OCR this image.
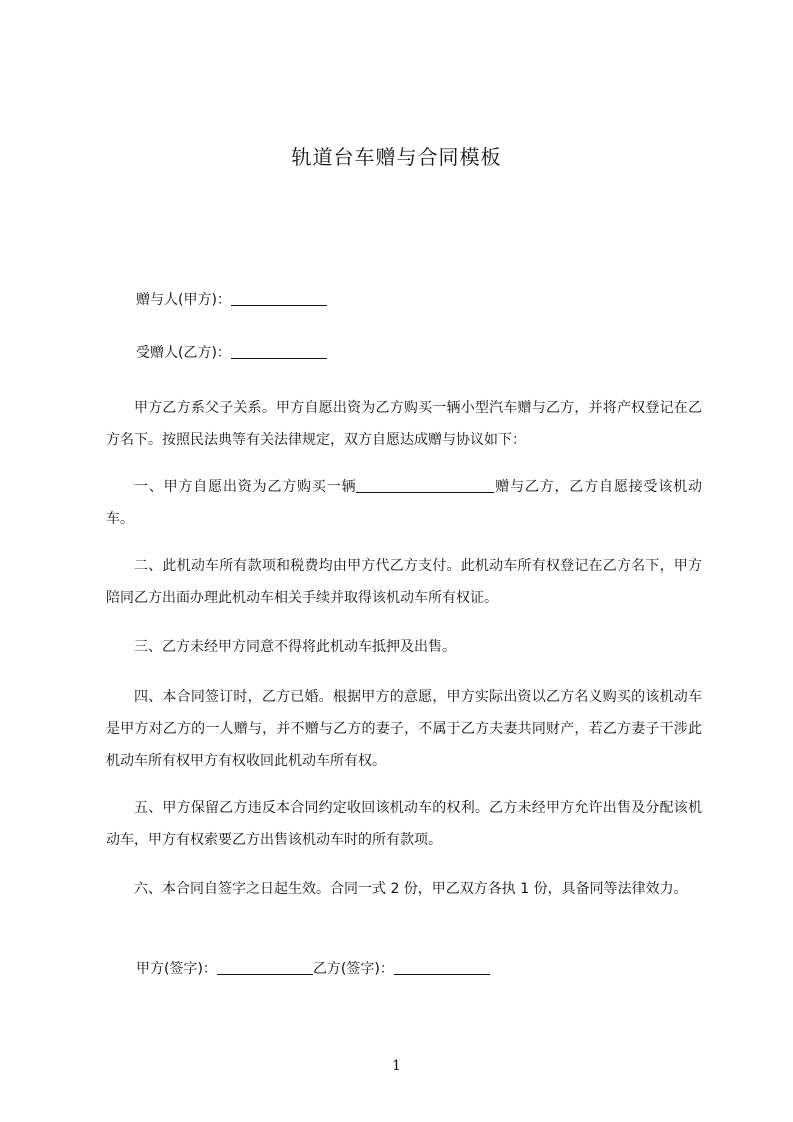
轨道台车赠与合同模板
赠与人(甲方)：
受赠人(乙方)：
甲方乙方系父子关系。甲方自愿出资为乙方购买一辆小型汽车赠与乙方，并将产权登记在乙方名下。按照民法典等有关法律规定，双方自愿达成赠与协议如下：
一、甲方自愿出资为乙方购买一辆	赠与乙方，乙方自愿接受该机动车。
二、此机动车所有款项和税费均由甲方代乙方支付。此机动车所有权登记在乙方名下，甲方陪同乙方出面办理此机动车相关手续并取得该机动车所有权证。
三、乙方未经甲方同意不得将此机动车抵押及出售。
四、本合同签订时，乙方已婚。根据甲方的意愿，甲方实际出资以乙方名义购买的该机动车是甲方对乙方的一人赠与，并不赠与乙方的妻子，不属于乙方夫妻共同财产，若乙方妻子干涉此机动车所有权甲方有权收回此机动车所有权。
五、甲方保留乙方违反本合同约定收回该机动车的权利。乙方未经甲方允许出售及分配该机动车，甲方有权索要乙方出售该机动车时的所有款项。
六、本合同自签字之日起生效。合同一式 2 份，甲乙双方各执 1 份，具备同等法律效力。
甲方(签字)：	乙方(签字)：
1
